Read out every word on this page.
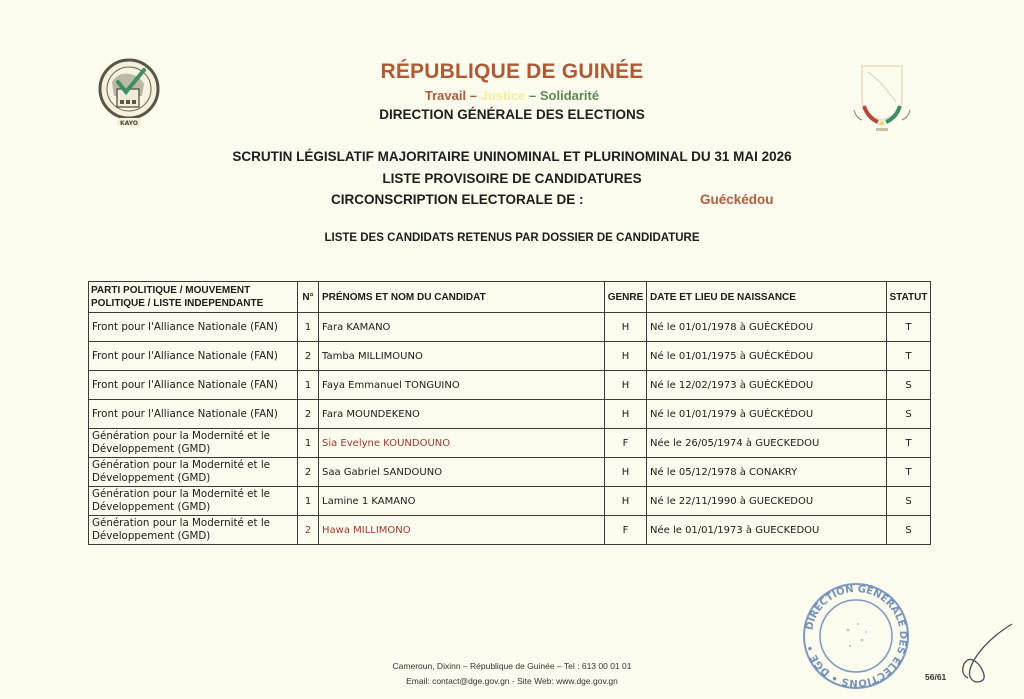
KAYO
RÉPUBLIQUE DE GUINÉE
Travail – Justice – Solidarité
DIRECTION GÉNÉRALE DES ELECTIONS
SCRUTIN LÉGISLATIF MAJORITAIRE UNINOMINAL ET PLURINOMINAL DU 31 MAI 2026
LISTE PROVISOIRE DE CANDIDATURES
CIRCONSCRIPTION ELECTORALE DE :	Guéckédou
LISTE DES CANDIDATS RETENUS PAR DOSSIER DE CANDIDATURE
PARTI POLITIQUE / MOUVEMENT POLITIQUE / LISTE INDEPENDANTE	N°	PRÉNOMS ET NOM DU CANDIDAT	GENRE	DATE ET LIEU DE NAISSANCE	STATUT
Front pour l'Alliance Nationale (FAN)	1	Fara KAMANO	H	Né le 01/01/1978 à GUÉCKÉDOU	T
Front pour l'Alliance Nationale (FAN)	2	Tamba MILLIMOUNO	H	Né le 01/01/1975 à GUÉCKÉDOU	T
Front pour l'Alliance Nationale (FAN)	1	Faya Emmanuel TONGUINO	H	Né le 12/02/1973 à GUÉCKÉDOU	S
Front pour l'Alliance Nationale (FAN)	2	Fara MOUNDEKENO	H	Né le 01/01/1979 à GUÉCKÉDOU	S
Génération pour la Modernité et le Développement (GMD)	1	Sia Evelyne KOUNDOUNO	F	Née le 26/05/1974 à GUECKEDOU	T
Génération pour la Modernité et le Développement (GMD)	2	Saa Gabriel SANDOUNO	H	Né le 05/12/1978 à CONAKRY	T
Génération pour la Modernité et le Développement (GMD)	1	Lamine 1 KAMANO	H	Né le 22/11/1990 à GUECKEDOU	S
Génération pour la Modernité et le Développement (GMD)	2	Hawa MILLIMONO	F	Née le 01/01/1973 à GUECKEDOU	S
DIRECTION GÉNÉRALE DES ELECTIONS • DGE •
Cameroun, Dixinn – République de Guinée – Tel : 613 00 01 01
Email: contact@dge.gov.gn - Site Web: www.dge.gov.gn	56/61
